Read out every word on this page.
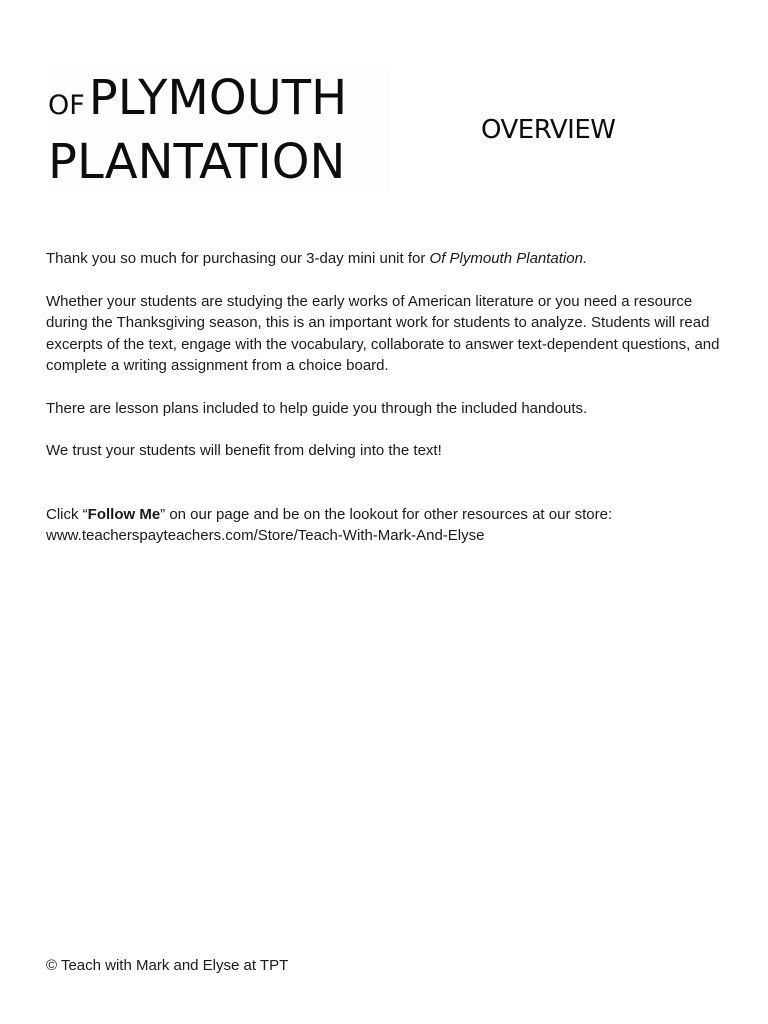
OFPLYMOUTH
PLANTATION
OVERVIEW

Thank you so much for purchasing our 3-day mini unit for Of Plymouth Plantation.

Whether your students are studying the early works of American literature or you need a resource during the Thanksgiving season, this is an important work for students to analyze. Students will read excerpts of the text, engage with the vocabulary, collaborate to answer text-dependent questions, and complete a writing assignment from a choice board.

There are lesson plans included to help guide you through the included handouts.

We trust your students will benefit from delving into the text!

Click “Follow Me” on our page and be on the lookout for other resources at our store:
www.teacherspayteachers.com/Store/Teach-With-Mark-And-Elyse

© Teach with Mark and Elyse at TPT
